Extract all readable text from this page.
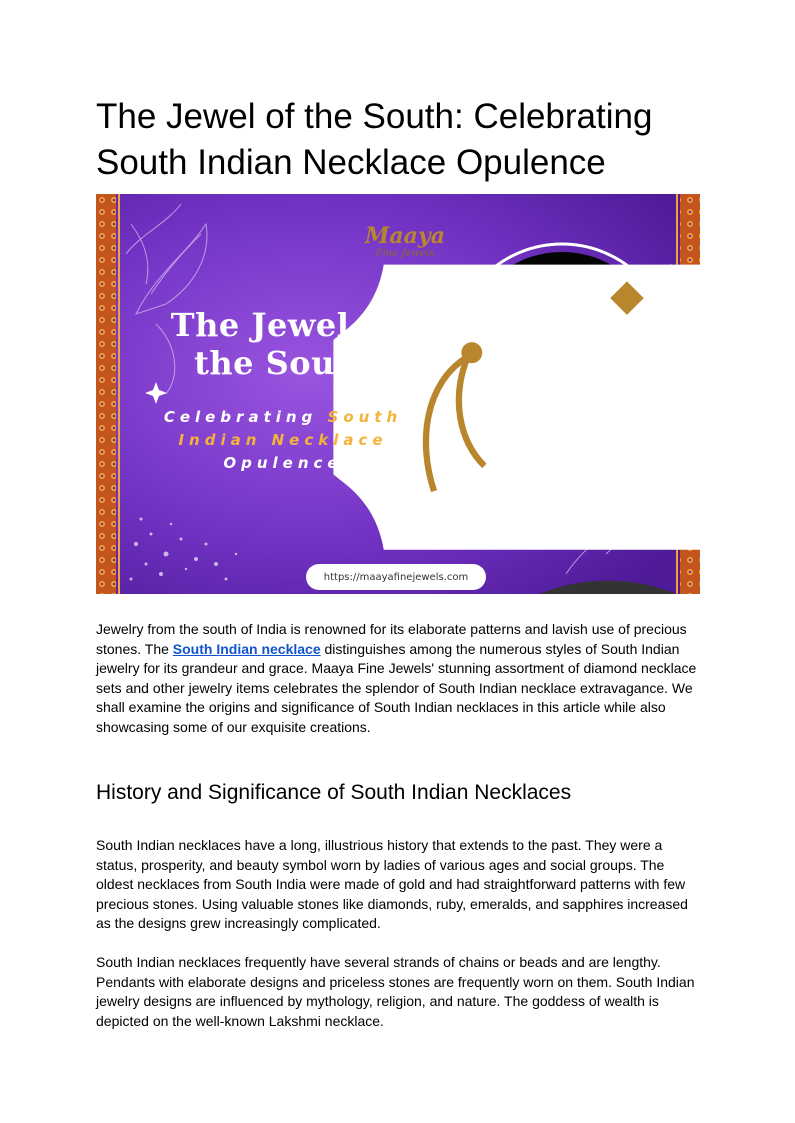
The Jewel of the South: Celebrating South Indian Necklace Opulence
Maaya
Fine Jewels
The Jewel of
the South
Celebrating South
Indian Necklace
Opulence
https://maayafinejewels.com

Jewelry from the south of India is renowned for its elaborate patterns and lavish use of precious stones. The South Indian necklace distinguishes among the numerous styles of South Indian jewelry for its grandeur and grace. Maaya Fine Jewels' stunning assortment of diamond necklace sets and other jewelry items celebrates the splendor of South Indian necklace extravagance. We shall examine the origins and significance of South Indian necklaces in this article while also showcasing some of our exquisite creations.

History and Significance of South Indian Necklaces

South Indian necklaces have a long, illustrious history that extends to the past. They were a status, prosperity, and beauty symbol worn by ladies of various ages and social groups. The oldest necklaces from South India were made of gold and had straightforward patterns with few precious stones. Using valuable stones like diamonds, ruby, emeralds, and sapphires increased as the designs grew increasingly complicated.

South Indian necklaces frequently have several strands of chains or beads and are lengthy. Pendants with elaborate designs and priceless stones are frequently worn on them. South Indian jewelry designs are influenced by mythology, religion, and nature. The goddess of wealth is depicted on the well-known Lakshmi necklace.
